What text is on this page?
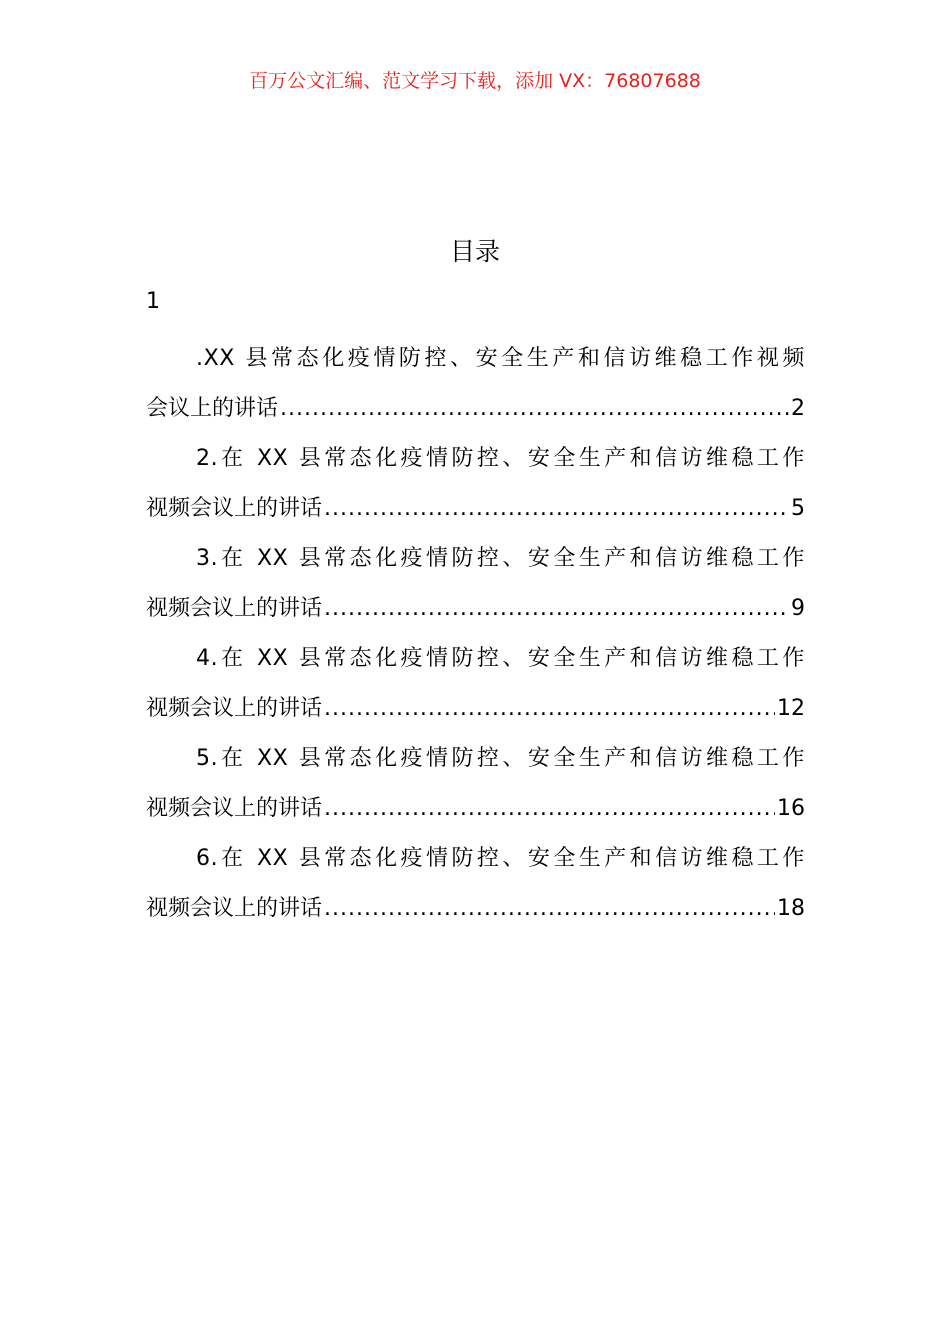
百万公文汇编、范文学习下载，添加 VX：76807688
目录
1
.XX 县常态化疫情防控、安全生产和信访维稳工作视频
会议上的讲话 .....	2
2.在 XX 县常态化疫情防控、安全生产和信访维稳工作
视频会议上的讲话 .....	5
3.在 XX 县常态化疫情防控、安全生产和信访维稳工作
视频会议上的讲话 .....	9
4.在 XX 县常态化疫情防控、安全生产和信访维稳工作
视频会议上的讲话 .....	12
5.在 XX 县常态化疫情防控、安全生产和信访维稳工作
视频会议上的讲话 .....	16
6.在 XX 县常态化疫情防控、安全生产和信访维稳工作
视频会议上的讲话 .....	18
